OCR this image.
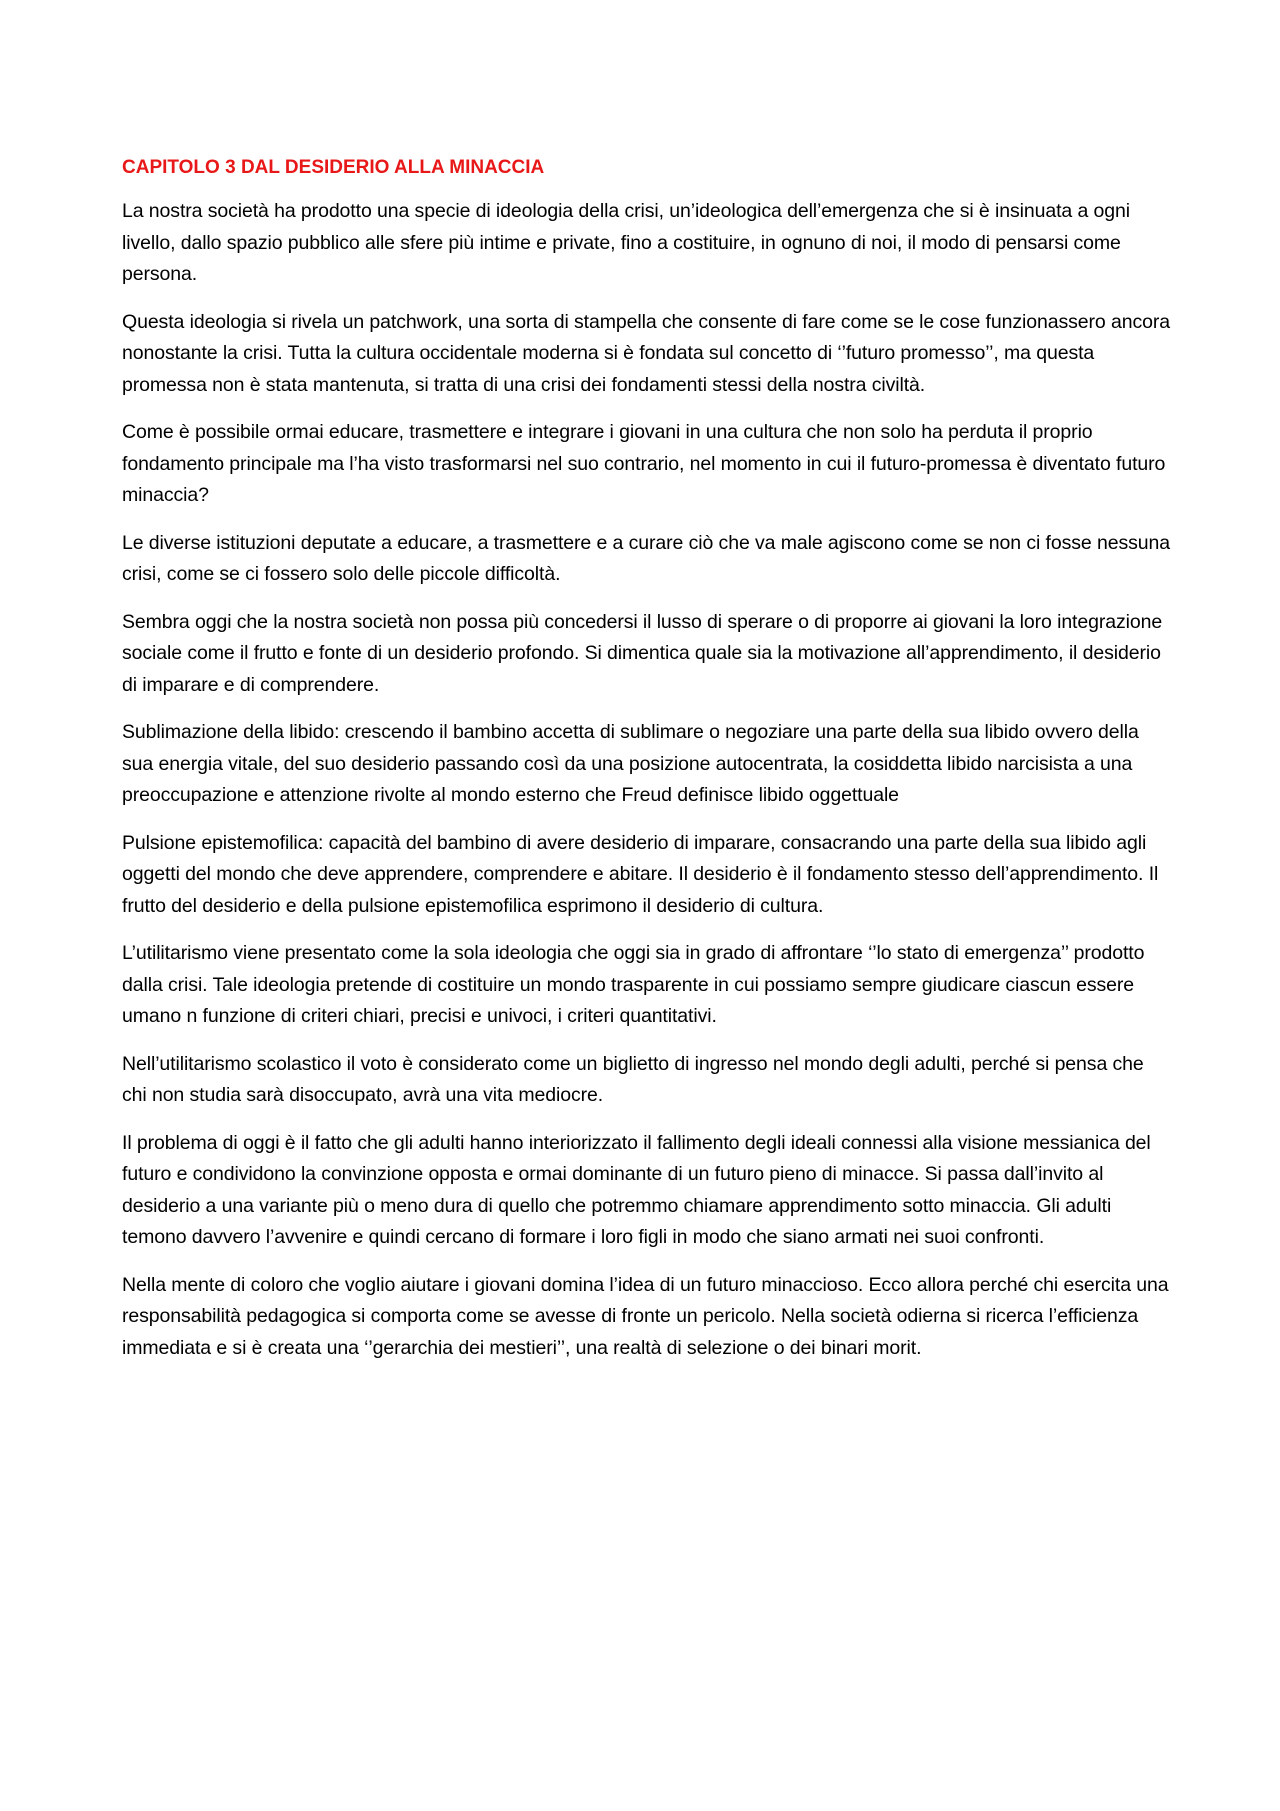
CAPITOLO 3 DAL DESIDERIO ALLA MINACCIA

La nostra società ha prodotto una specie di ideologia della crisi, un’ideologica dell’emergenza che si è insinuata a ogni livello, dallo spazio pubblico alle sfere più intime e private, fino a costituire, in ognuno di noi, il modo di pensarsi come persona.

Questa ideologia si rivela un patchwork, una sorta di stampella che consente di fare come se le cose funzionassero ancora nonostante la crisi. Tutta la cultura occidentale moderna si è fondata sul concetto di ‘’futuro promesso’’, ma questa promessa non è stata mantenuta, si tratta di una crisi dei fondamenti stessi della nostra civiltà.

Come è possibile ormai educare, trasmettere e integrare i giovani in una cultura che non solo ha perduta il proprio fondamento principale ma l’ha visto trasformarsi nel suo contrario, nel momento in cui il futuro-promessa è diventato futuro minaccia?

Le diverse istituzioni deputate a educare, a trasmettere e a curare ciò che va male agiscono come se non ci fosse nessuna crisi, come se ci fossero solo delle piccole difficoltà.

Sembra oggi che la nostra società non possa più concedersi il lusso di sperare o di proporre ai giovani la loro integrazione sociale come il frutto e fonte di un desiderio profondo. Si dimentica quale sia la motivazione all’apprendimento, il desiderio di imparare e di comprendere.

Sublimazione della libido: crescendo il bambino accetta di sublimare o negoziare una parte della sua libido ovvero della sua energia vitale, del suo desiderio passando così da una posizione autocentrata, la cosiddetta libido narcisista a una preoccupazione e attenzione rivolte al mondo esterno che Freud definisce libido oggettuale

Pulsione epistemofilica: capacità del bambino di avere desiderio di imparare, consacrando una parte della sua libido agli oggetti del mondo che deve apprendere, comprendere e abitare. Il desiderio è il fondamento stesso dell’apprendimento. Il frutto del desiderio e della pulsione epistemofilica esprimono il desiderio di cultura.

L’utilitarismo viene presentato come la sola ideologia che oggi sia in grado di affrontare ‘’lo stato di emergenza’’ prodotto dalla crisi. Tale ideologia pretende di costituire un mondo trasparente in cui possiamo sempre giudicare ciascun essere umano n funzione di criteri chiari, precisi e univoci, i criteri quantitativi.

Nell’utilitarismo scolastico il voto è considerato come un biglietto di ingresso nel mondo degli adulti, perché si pensa che chi non studia sarà disoccupato, avrà una vita mediocre.

Il problema di oggi è il fatto che gli adulti hanno interiorizzato il fallimento degli ideali connessi alla visione messianica del futuro e condividono la convinzione opposta e ormai dominante di un futuro pieno di minacce. Si passa dall’invito al desiderio a una variante più o meno dura di quello che potremmo chiamare apprendimento sotto minaccia. Gli adulti temono davvero l’avvenire e quindi cercano di formare i loro figli in modo che siano armati nei suoi confronti.

Nella mente di coloro che voglio aiutare i giovani domina l’idea di un futuro minaccioso. Ecco allora perché chi esercita una responsabilità pedagogica si comporta come se avesse di fronte un pericolo. Nella società odierna si ricerca l’efficienza immediata e si è creata una ‘’gerarchia dei mestieri’’, una realtà di selezione o dei binari morit.
